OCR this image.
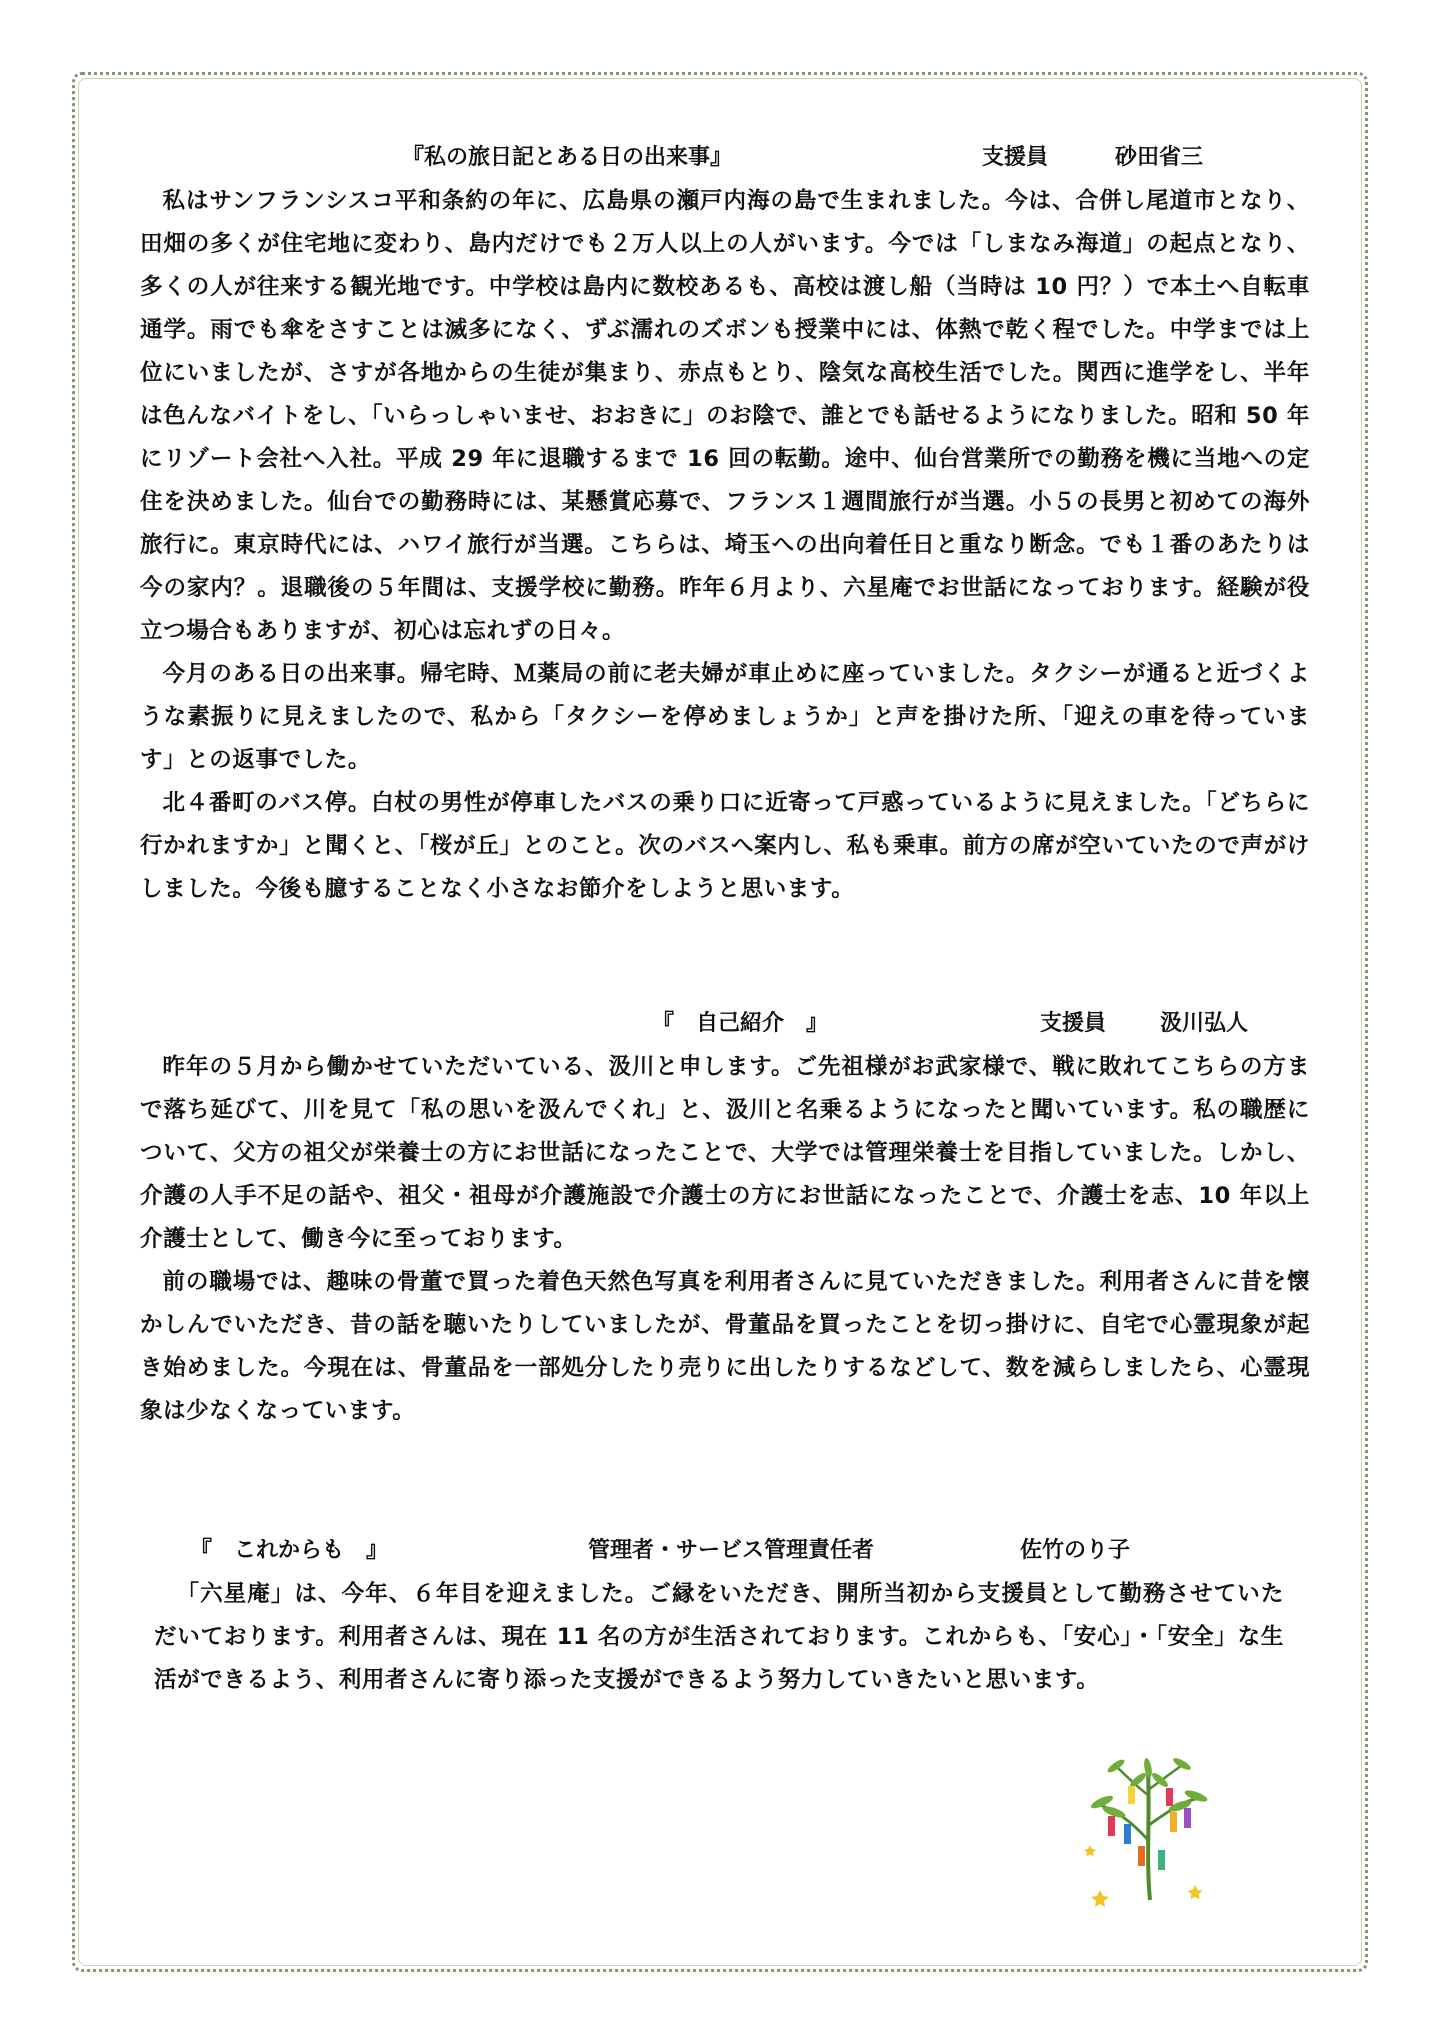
『私の旅日記とある日の出来事』	支援員	砂田省三

私はサンフランシスコ平和条約の年に、広島県の瀬戸内海の島で生まれました。今は、合併し尾道市となり、田畑の多くが住宅地に変わり、島内だけでも２万人以上の人がいます。今では「しまなみ海道」の起点となり、多くの人が往来する観光地です。中学校は島内に数校あるも、高校は渡し船（当時は 10 円？）で本土へ自転車通学。雨でも傘をさすことは滅多になく、ずぶ濡れのズボンも授業中には、体熱で乾く程でした。中学までは上位にいましたが、さすが各地からの生徒が集まり、赤点もとり、陰気な高校生活でした。関西に進学をし、半年は色んなバイトをし、「いらっしゃいませ、おおきに」のお陰で、誰とでも話せるようになりました。昭和 50 年にリゾート会社へ入社。平成 29 年に退職するまで 16 回の転勤。途中、仙台営業所での勤務を機に当地への定住を決めました。仙台での勤務時には、某懸賞応募で、フランス１週間旅行が当選。小５の長男と初めての海外旅行に。東京時代には、ハワイ旅行が当選。こちらは、埼玉への出向着任日と重なり断念。でも１番のあたりは今の家内？。退職後の５年間は、支援学校に勤務。昨年６月より、六星庵でお世話になっております。経験が役立つ場合もありますが、初心は忘れずの日々。

今月のある日の出来事。帰宅時、Ｍ薬局の前に老夫婦が車止めに座っていました。タクシーが通ると近づくような素振りに見えましたので、私から「タクシーを停めましょうか」と声を掛けた所、「迎えの車を待っています」との返事でした。

北４番町のバス停。白杖の男性が停車したバスの乗り口に近寄って戸惑っているように見えました。「どちらに行かれますか」と聞くと、「桜が丘」とのこと。次のバスへ案内し、私も乗車。前方の席が空いていたので声がけしました。今後も臆することなく小さなお節介をしようと思います。

『　自己紹介　』	支援員 汲川弘人

昨年の５月から働かせていただいている、汲川と申します。ご先祖様がお武家様で、戦に敗れてこちらの方まで落ち延びて、川を見て「私の思いを汲んでくれ」と、汲川と名乗るようになったと聞いています。私の職歴について、父方の祖父が栄養士の方にお世話になったことで、大学では管理栄養士を目指していました。しかし、介護の人手不足の話や、祖父・祖母が介護施設で介護士の方にお世話になったことで、介護士を志、10 年以上介護士として、働き今に至っております。

前の職場では、趣味の骨董で買った着色天然色写真を利用者さんに見ていただきました。利用者さんに昔を懐かしんでいただき、昔の話を聴いたりしていましたが、骨董品を買ったことを切っ掛けに、自宅で心霊現象が起き始めました。今現在は、骨董品を一部処分したり売りに出したりするなどして、数を減らしましたら、心霊現象は少なくなっています。

『　これからも　』	管理者・サービス管理責任者	佐竹のり子

「六星庵」は、今年、６年目を迎えました。ご縁をいただき、開所当初から支援員として勤務させていただいております。利用者さんは、現在 11 名の方が生活されております。これからも、「安心」・「安全」な生活ができるよう、利用者さんに寄り添った支援ができるよう努力していきたいと思います。
